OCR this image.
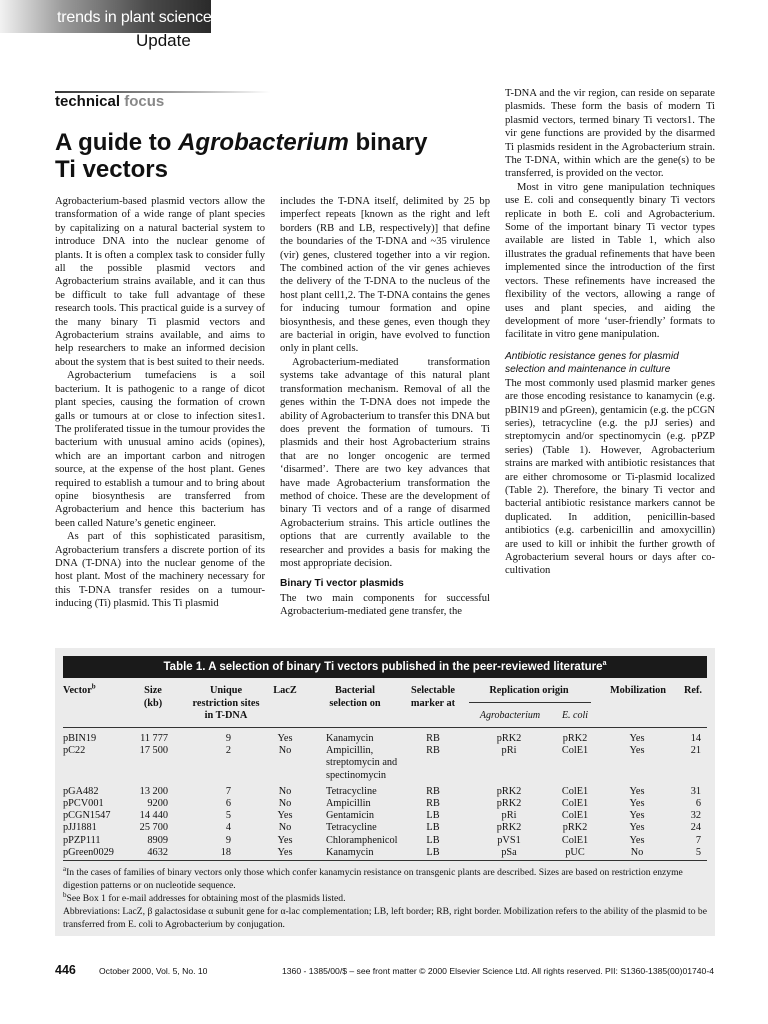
trends in plant science
Update
technical focus
A guide to Agrobacterium binary Ti vectors

Agrobacterium-based plasmid vectors allow the transformation of a wide range of plant species by capitalizing on a natural bacterial system to introduce DNA into the nuclear genome of plants. It is often a complex task to consider fully all the possible plasmid vectors and Agrobacterium strains available, and it can thus be difficult to take full advantage of these research tools. This practical guide is a survey of the many binary Ti plasmid vectors and Agrobacterium strains available, and aims to help researchers to make an informed decision about the system that is best suited to their needs.

Agrobacterium tumefaciens is a soil bacterium. It is pathogenic to a range of dicot plant species, causing the formation of crown galls or tumours at or close to infection sites1. The proliferated tissue in the tumour provides the bacterium with unusual amino acids (opines), which are an important carbon and nitrogen source, at the expense of the host plant. Genes required to establish a tumour and to bring about opine biosynthesis are transferred from Agrobacterium and hence this bacterium has been called Nature’s genetic engineer.

As part of this sophisticated parasitism, Agrobacterium transfers a discrete portion of its DNA (T-DNA) into the nuclear genome of the host plant. Most of the machinery necessary for this T-DNA transfer resides on a tumour-inducing (Ti) plasmid. This Ti plasmid

includes the T-DNA itself, delimited by 25 bp imperfect repeats [known as the right and left borders (RB and LB, respectively)] that define the boundaries of the T-DNA and ~35 virulence (vir) genes, clustered together into a vir region. The combined action of the vir genes achieves the delivery of the T-DNA to the nucleus of the host plant cell1,2. The T-DNA contains the genes for inducing tumour formation and opine biosynthesis, and these genes, even though they are bacterial in origin, have evolved to function only in plant cells.

Agrobacterium-mediated transformation systems take advantage of this natural plant transformation mechanism. Removal of all the genes within the T-DNA does not impede the ability of Agrobacterium to transfer this DNA but does prevent the formation of tumours. Ti plasmids and their host Agrobacterium strains that are no longer oncogenic are termed ‘disarmed’. There are two key advances that have made Agrobacterium transformation the method of choice. These are the development of binary Ti vectors and of a range of disarmed Agrobacterium strains. This article outlines the options that are currently available to the researcher and provides a basis for making the most appropriate decision.

Binary Ti vector plasmids

The two main components for successful Agrobacterium-mediated gene transfer, the

T-DNA and the vir region, can reside on separate plasmids. These form the basis of modern Ti plasmid vectors, termed binary Ti vectors1. The vir gene functions are provided by the disarmed Ti plasmids resident in the Agrobacterium strain. The T-DNA, within which are the gene(s) to be transferred, is provided on the vector.

Most in vitro gene manipulation techniques use E. coli and consequently binary Ti vectors replicate in both E. coli and Agrobacterium. Some of the important binary Ti vector types available are listed in Table 1, which also illustrates the gradual refinements that have been implemented since the introduction of the first vectors. These refinements have increased the flexibility of the vectors, allowing a range of uses and plant species, and aiding the development of more ‘user-friendly’ formats to facilitate in vitro gene manipulation.

Antibiotic resistance genes for plasmid selection and maintenance in culture

The most commonly used plasmid marker genes are those encoding resistance to kanamycin (e.g. pBIN19 and pGreen), gentamicin (e.g. the pCGN series), tetracycline (e.g. the pJJ series) and streptomycin and/or spectinomycin (e.g. pPZP series) (Table 1). However, Agrobacterium strains are marked with antibiotic resistances that are either chromosome or Ti-plasmid localized (Table 2). Therefore, the binary Ti vector and bacterial antibiotic resistance markers cannot be duplicated. In addition, penicillin-based antibiotics (e.g. carbenicillin and amoxycillin) are used to kill or inhibit the further growth of Agrobacterium several hours or days after co-cultivation

Table 1. A selection of binary Ti vectors published in the peer-reviewed literature$^a$
Vector$^b$	Size
(kb)
Unique
restriction sites
in T-DNA
LacZ	Bacterial
selection on
Selectable
marker at
Replication origin
Agrobacterium	E. coli
Mobilization	Ref.
pBIN19	11 777	9	Yes	Kanamycin	RB	pRK2	pRK2	Yes	14
pC22	17 500	2	No	Ampicillin,	RB	pRi	ColE1	Yes	21
streptomycin and
spectinomycin
pGA482	13 200	7	No	Tetracycline	RB	pRK2	ColE1	Yes	31
pPCV001	9200	6	No	Ampicillin	RB	pRK2	ColE1	Yes	6
pCGN1547	14 440	5	Yes	Gentamicin	LB	pRi	ColE1	Yes	32
pJJ1881	25 700	4	No	Tetracycline	LB	pRK2	pRK2	Yes	24
pPZP111	8909	9	Yes	Chloramphenicol	LB	pVS1	ColE1	Yes	7
pGreen0029	4632	18	Yes	Kanamycin	LB	pSa	pUC	No	5

$^a$In the cases of families of binary vectors only those which confer kanamycin resistance on transgenic plants are described. Sizes are based on restriction enzyme digestion patterns or on nucleotide sequence.

$^b$See Box 1 for e-mail addresses for obtaining most of the plasmids listed.

Abbreviations: LacZ, β galactosidase α subunit gene for α-lac complementation; LB, left border; RB, right border. Mobilization refers to the ability of the plasmid to be transferred from E. coli to Agrobacterium by conjugation.

446	October 2000, Vol. 5, No. 10	1360 - 1385/00/$ – see front matter © 2000 Elsevier Science Ltd. All rights reserved. PII: S1360-1385(00)01740-4
